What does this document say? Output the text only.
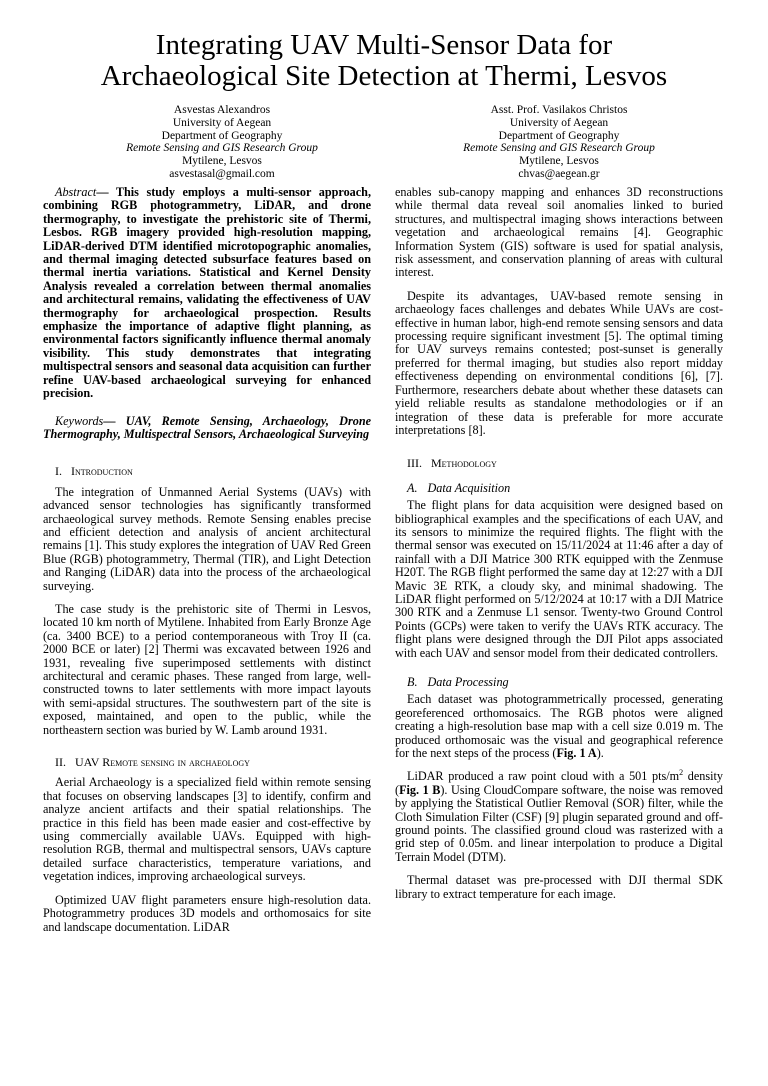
Integrating UAV Multi-Sensor Data for
Archaeological Site Detection at Thermi, Lesvos
Asvestas Alexandros
University of Aegean
Department of Geography
Remote Sensing and GIS Research Group
Mytilene, Lesvos
asvestasal@gmail.com
Asst. Prof. Vasilakos Christos
University of Aegean
Department of Geography
Remote Sensing and GIS Research Group
Mytilene, Lesvos
chvas@aegean.gr

Abstract— This study employs a multi-sensor approach, combining RGB photogrammetry, LiDAR, and drone thermography, to investigate the prehistoric site of Thermi, Lesbos. RGB imagery provided high-resolution mapping, LiDAR-derived DTM identified microtopographic anomalies, and thermal imaging detected subsurface features based on thermal inertia variations. Statistical and Kernel Density Analysis revealed a correlation between thermal anomalies and architectural remains, validating the effectiveness of UAV thermography for archaeological prospection. Results emphasize the importance of adaptive flight planning, as environmental factors significantly influence thermal anomaly visibility. This study demonstrates that integrating multispectral sensors and seasonal data acquisition can further refine UAV-based archaeological surveying for enhanced precision.

Keywords— UAV, Remote Sensing, Archaeology, Drone Thermography, Multispectral Sensors, Archaeological Surveying

I. Introduction

The integration of Unmanned Aerial Systems (UAVs) with advanced sensor technologies has significantly transformed archaeological survey methods. Remote Sensing enables precise and efficient detection and analysis of ancient architectural remains [1]. This study explores the integration of UAV Red Green Blue (RGB) photogrammetry, Thermal (TIR), and Light Detection and Ranging (LiDAR) data into the process of the archaeological surveying.

The case study is the prehistoric site of Thermi in Lesvos, located 10 km north of Mytilene. Inhabited from Early Bronze Age (ca. 3400 BCE) to a period contemporaneous with Troy II (ca. 2000 BCE or later) [2] Thermi was excavated between 1926 and 1931, revealing five superimposed settlements with distinct architectural and ceramic phases. These ranged from large, well-constructed towns to later settlements with more impact layouts with semi-apsidal structures. The southwestern part of the site is exposed, maintained, and open to the public, while the northeastern section was buried by W. Lamb around 1931.

II. UAV Remote sensing in archaeology

Aerial Archaeology is a specialized field within remote sensing that focuses on observing landscapes [3] to identify, confirm and analyze ancient artifacts and their spatial relationships. The practice in this field has been made easier and cost-effective by using commercially available UAVs. Equipped with high-resolution RGB, thermal and multispectral sensors, UAVs capture detailed surface characteristics, temperature variations, and vegetation indices, improving archaeological surveys.

Optimized UAV flight parameters ensure high-resolution data. Photogrammetry produces 3D models and orthomosaics for site and landscape documentation. LiDAR

enables sub-canopy mapping and enhances 3D reconstructions while thermal data reveal soil anomalies linked to buried structures, and multispectral imaging shows interactions between vegetation and archaeological remains [4]. Geographic Information System (GIS) software is used for spatial analysis, risk assessment, and conservation planning of areas with cultural interest.

Despite its advantages, UAV-based remote sensing in archaeology faces challenges and debates While UAVs are cost-effective in human labor, high-end remote sensing sensors and data processing require significant investment [5]. The optimal timing for UAV surveys remains contested; post-sunset is generally preferred for thermal imaging, but studies also report midday effectiveness depending on environmental conditions [6], [7]. Furthermore, researchers debate about whether these datasets can yield reliable results as standalone methodologies or if an integration of these data is preferable for more accurate interpretations [8].

III. Methodology

A. Data Acquisition

The flight plans for data acquisition were designed based on bibliographical examples and the specifications of each UAV, and its sensors to minimize the required flights. The flight with the thermal sensor was executed on 15/11/2024 at 11:46 after a day of rainfall with a DJI Matrice 300 RTK equipped with the Zenmuse H20T. The RGB flight performed the same day at 12:27 with a DJI Mavic 3E RTK, a cloudy sky, and minimal shadowing. The LiDAR flight performed on 5/12/2024 at 10:17 with a DJI Matrice 300 RTK and a Zenmuse L1 sensor. Twenty-two Ground Control Points (GCPs) were taken to verify the UAVs RTK accuracy. The flight plans were designed through the DJI Pilot apps associated with each UAV and sensor model from their dedicated controllers.

B. Data Processing

Each dataset was photogrammetrically processed, generating georeferenced orthomosaics. The RGB photos were aligned creating a high-resolution base map with a cell size 0.019 m. The produced orthomosaic was the visual and geographical reference for the next steps of the process (Fig. 1 A).

LiDAR produced a raw point cloud with a 501 pts/$m^2$ density (Fig. 1 B). Using CloudCompare software, the noise was removed by applying the Statistical Outlier Removal (SOR) filter, while the Cloth Simulation Filter (CSF) [9] plugin separated ground and off-ground points. The classified ground cloud was rasterized with a grid step of 0.05m. and linear interpolation to produce a Digital Terrain Model (DTM).

Thermal dataset was pre-processed with DJI thermal SDK library to extract temperature for each image.
